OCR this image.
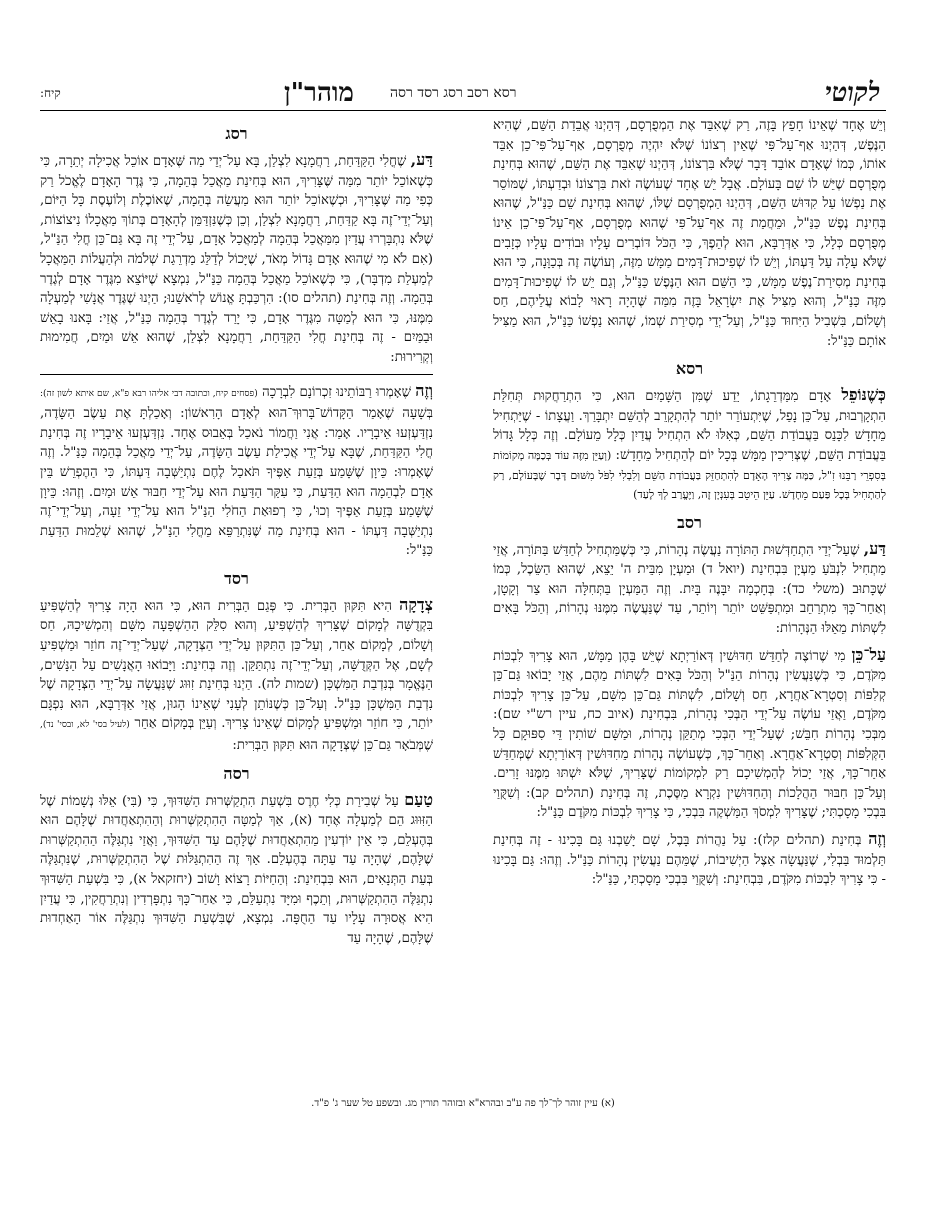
קיח:	לקוטי
רסא רסב רסג רסד רסה
מוהר"ן

וְיֵשׁ אֶחָד שֶׁאֵינוֹ חָפֵץ בָּזֶה, רַק שֶׁאִבֵּד אֶת הַמְפֻרְסָם, דְּהַיְנוּ אֲבֵדַת הַשֵּׁם, שֶׁהִיא הַנֶּפֶשׁ, דְּהַיְנוּ אַף־עַל־פִּי שֶׁאֵין רְצוֹנוֹ שֶׁלֹּא יִהְיֶה מְפֻרְסָם, אַף־עַל־פִּי־כֵן אִבֵּד אוֹתוֹ, כְּמוֹ שֶׁאָדָם אוֹבֵד דָּבָר שֶׁלֹּא בִּרְצוֹנוֹ, דְּהַיְנוּ שֶׁאִבֵּד אֶת הַשֵּׁם, שֶׁהוּא בְּחִינַת מְפֻרְסָם שֶׁיֵּשׁ לוֹ שֵׁם בָּעוֹלָם. אֲבָל יֵשׁ אֶחָד שֶׁעוֹשֶׂה זֹאת בִּרְצוֹנוֹ וּבְדַעְתּוֹ, שֶׁמּוֹסֵר אֶת נַפְשׁוֹ עַל קִדּוּשׁ הַשֵּׁם, דְּהַיְנוּ הַמְפֻרְסָם שֶׁלּוֹ, שֶׁהוּא בְּחִינַת שֵׁם כַּנַּ"ל, שֶׁהוּא בְּחִינַת נֶפֶשׁ כַּנַּ"ל, וּמֵחֲמַת זֶה אַף־עַל־פִּי שֶׁהוּא מְפֻרְסָם, אַף־עַל־פִּי־כֵן אֵינוֹ מְפֻרְסָם כְּלָל, כִּי אַדְּרַבָּא, הוּא לְהֵפֶךְ, כִּי הַכֹּל דּוֹבְרִים עָלָיו וּבוֹדִים עָלָיו כְּזָבִים שֶׁלֹּא עָלָה עַל דַּעְתּוֹ, וְיֵשׁ לוֹ שְׁפִיכוּת־דָּמִים מַמָּשׁ מִזֶּה, וְעוֹשֶׂה זֶה בְּכַוָּנָה, כִּי הוּא בְּחִינַת מְסִירַת־נֶפֶשׁ מַמָּשׁ, כִּי הַשֵּׁם הוּא הַנֶּפֶשׁ כַּנַּ"ל, וְגַם יֵשׁ לוֹ שְׁפִיכוּת־דָּמִים מִזֶּה כַּנַּ"ל, וְהוּא מַצִּיל אֶת יִשְׂרָאֵל בָּזֶה מִמַּה שֶּׁהָיָה רָאוּי לָבוֹא עֲלֵיהֶם, חַס וְשָׁלוֹם, בִּשְׁבִיל הַיִּחוּד כַּנַּ"ל, וְעַל־יְדֵי מְסִירַת שְׁמוֹ, שֶׁהוּא נַפְשׁוֹ כַּנַּ"ל, הוּא מַצִּיל אוֹתָם כַּנַּ"ל:

רסא

כְּשֶׁנּוֹפֵל אָדָם מִמַּדְרֵגָתוֹ, יֵדַע שֶׁמִּן הַשָּׁמַיִם הוּא, כִּי הִתְרַחֲקוּת תְּחִלַּת הִתְקָרְבוּת, עַל־כֵּן נָפַל, שֶׁיִּתְעוֹרֵר יוֹתֵר לְהִתְקָרֵב לְהַשֵּׁם יִתְבָּרַךְ. וַעֲצָתוֹ - שֶׁיַּתְחִיל מֵחָדָשׁ לִכָּנֵס בַּעֲבוֹדַת הַשֵּׁם, כְּאִלּוּ לֹא הִתְחִיל עֲדַיִן כְּלָל מֵעוֹלָם. וְזֶה כְּלָל גָּדוֹל בַּעֲבוֹדַת הַשֵּׁם, שֶׁצְּרִיכִין מַמָּשׁ בְּכָל יוֹם לְהַתְחִיל מֵחָדָשׁ: (וְעַיֵּן מִזֶּה עוֹד בְּכַמָּה מְקוֹמוֹת בְּסִפְרֵי רַבֵּנוּ זִ"ל, כַּמָּה צָרִיךְ הָאָדָם לְהִתְחַזֵּק בַּעֲבוֹדַת הַשֵּׁם וְלִבְלִי לִפֹּל מִשּׁוּם דָּבָר שֶׁבָּעוֹלָם, רַק לְהַתְחִיל בְּכָל פַּעַם מֵחָדָשׁ. עַיֵּן הֵיטֵב בְּעִנְיָן זֶה, וַיֶּעֱרַב לְךָ לָעַד)

רסב

דַּע, שֶׁעַל־יְדֵי הִתְחַדְּשׁוּת הַתּוֹרָה נַעֲשֶׂה נְהָרוֹת, כִּי כְּשֶׁמַּתְחִיל לְחַדֵּשׁ בַּתּוֹרָה, אֲזַי מַתְחִיל לִנְבֹּעַ מַעְיָן בִּבְחִינַת (יואל ד) וּמַעְיָן מִבֵּית ה' יֵצֵא, שֶׁהוּא הַשֵּׂכֶל, כְּמוֹ שֶׁכָּתוּב (משלי כד): בְּחָכְמָה יִבָּנֶה בָּיִת. וְזֶה הַמַּעְיָן בַּתְּחִלָּה הוּא צַר וְקָטָן, וְאַחַר־כָּךְ מִתְרַחֵב וּמִתְפַּשֵּׁט יוֹתֵר וְיוֹתֵר, עַד שֶׁנַּעֲשֶׂה מִמֶּנּוּ נְהָרוֹת, וְהַכֹּל בָּאִים לִשְׁתּוֹת מֵאֵלּוּ הַנְּהָרוֹת:

עַל־כֵּן מִי שֶׁרוֹצֶה לְחַדֵּשׁ חִדּוּשִׁין דְּאוֹרַיְתָא שֶׁיֵּשׁ בָּהֶן מַמָּשׁ, הוּא צָרִיךְ לִבְכּוֹת מִקֹּדֶם, כִּי כְּשֶׁנַּעֲשִׂין נְהָרוֹת הַנַּ"ל וְהַכֹּל בָּאִים לִשְׁתּוֹת מֵהֶם, אֲזַי יָבוֹאוּ גַּם־כֵּן קְלִפּוֹת וְסִטְרָא־אַחֲרָא, חַס וְשָׁלוֹם, לִשְׁתּוֹת גַּם־כֵּן מִשָּׁם, עַל־כֵּן צָרִיךְ לִבְכּוֹת מִקֹּדֶם, וַאֲזַי עוֹשֶׂה עַל־יְדֵי הַבְּכִי נְהָרוֹת, בִּבְחִינַת (איוב כח, עיין רש"י שם): מִבְּכִי נְהָרוֹת חִבֵּשׁ; שֶׁעַל־יְדֵי הַבְּכִי מְתַקֵּן נְהָרוֹת, וּמַשָּׁם שׁוֹתִין דֵּי סִפּוּקָם כָּל הַקְּלִפּוֹת וְסִטְרָא־אַחֲרָא. וְאַחַר־כָּךְ, כְּשֶׁעוֹשֶׂה נְהָרוֹת מֵחִדּוּשִׁין דְּאוֹרַיְתָא שֶׁמְּחַדֵּשׁ אַחַר־כָּךְ, אֲזַי יָכוֹל לְהַמְשִׁיכָם רַק לִמְקוֹמוֹת שֶׁצָּרִיךְ, שֶׁלֹּא יִשְׁתּוּ מִמֶּנּוּ זָרִים. וְעַל־כֵּן חִבּוּר הַהֲלָכוֹת וְהַחִדּוּשִׁין נִקְרָא מַסֶּכֶת, זֶה בְּחִינַת (תהלים קב): וְשִׁקֻּוַי בִּבְכִי מָסָכְתִּי; שֶׁצָּרִיךְ לִמְסֹךְ הַמַּשְׁקֶה בִּבְכִי, כִּי צָרִיךְ לִבְכּוֹת מִקֹּדֶם כַּנַּ"ל:

וְזֶה בְּחִינַת (תהלים קלז): עַל נַהֲרוֹת בָּבֶל, שָׁם יָשַׁבְנוּ גַּם בָּכִינוּ - זֶה בְּחִינַת תַּלְמוּד בַּבְלִי, שֶׁנַּעֲשָׂה אֵצֶל הַיְשִׁיבוֹת, שֶׁמֵּהֶם נַעֲשִׂין נְהָרוֹת כַּנַּ"ל. וְזֶהוּ: גַּם בָּכִינוּ - כִּי צָרִיךְ לִבְכּוֹת מִקֹּדֶם, בִּבְחִינַת: וְשִׁקֻּוַי בִּבְכִי מָסָכְתִּי, כַּנַּ"ל:

רסג

דַּע, שֶׁחֳלִי הַקַּדַּחַת, רַחֲמָנָא לִצְלַן, בָּא עַל־יְדֵי מַה שֶּׁאָדָם אוֹכֵל אֲכִילָה יְתֵרָה, כִּי כְּשֶׁאוֹכֵל יוֹתֵר מִמַּה שֶּׁצָּרִיךְ, הוּא בְּחִינַת מַאֲכַל בְּהֵמָה, כִּי גֶּדֶר הָאָדָם לֶאֱכֹל רַק כְּפִי מַה שֶּׁצָּרִיךְ, וּכְשֶׁאוֹכֵל יוֹתֵר הוּא מַעֲשֵׂה בְּהֵמָה, שֶׁאוֹכֶלֶת וְלוֹעֶסֶת כָּל הַיּוֹם, וְעַל־יְדֵי־זֶה בָּא קַדַּחַת, רַחֲמָנָא לִצְלַן, וְכֵן כְּשֶׁנִּזְדַּמֵּן לְהָאָדָם בְּתוֹךְ מַאֲכָלוֹ נִיצוֹצוֹת, שֶׁלֹּא נִתְבָּרְרוּ עֲדַיִן מִמַּאֲכַל בְּהֵמָה לְמַאֲכַל אָדָם, עַל־יְדֵי זֶה בָּא גַּם־כֵּן חֳלִי הַנַּ"ל, (אִם לֹא מִי שֶׁהוּא אָדָם גָּדוֹל מְאֹד, שֶׁיָּכוֹל לְדַלֵּג מַדְרֵגַת שְׁלֹמֹה וּלְהַעֲלוֹת הַמַּאֲכָל לְמַעְלַת מִדְבָּר), כִּי כְּשֶׁאוֹכֵל מַאֲכַל בְּהֵמָה כַּנַּ"ל, נִמְצָא שֶׁיּוֹצֵא מִגֶּדֶר אָדָם לְגֶדֶר בְּהֵמָה. וְזֶה בְּחִינַת (תהלים סו): הִרְכַּבְתָּ אֱנוֹשׁ לְרֹאשֵׁנוּ; הַיְנוּ שֶׁגֶּדֶר אֲנָשִׁי לְמַעְלָה מִמֶּנּוּ, כִּי הוּא לְמַטָּה מִגֶּדֶר אָדָם, כִּי יָרַד לְגֶדֶר בְּהֵמָה כַּנַּ"ל, אֲזַי: בָּאנוּ בָאֵשׁ וּבַמַּיִם - זֶה בְּחִינַת חֳלִי הַקַּדַּחַת, רַחֲמָנָא לִצְלַן, שֶׁהוּא אֵשׁ וּמַיִם, חֲמִימוּת וְקְרִירוּת:

וְזֶה שֶׁאָמְרוּ רַבּוֹתֵינוּ זִכְרוֹנָם לִבְרָכָה (פסחים קיח, וכתובה דבי אליהו רבא פ"א, שם איתא לשון זה): בְּשָׁעָה שֶׁאָמַר הַקָּדוֹשׁ־בָּרוּךְ־הוּא לְאָדָם הָרִאשׁוֹן: וְאָכַלְתָּ אֶת עֵשֶׂב הַשָּׂדֶה, נִזְדַּעְזְעוּ אֵיבָרָיו. אָמַר: אֲנִי וַחֲמוֹר נֹאכַל בְּאֵבוּס אֶחָד. נִזְדַּעְזְעוּ אֵיבָרָיו זֶה בְּחִינַת חֳלִי הַקַּדַּחַת, שֶׁבָּא עַל־יְדֵי אֲכִילַת עֵשֶׂב הַשָּׂדֶה, עַל־יְדֵי מַאֲכַל בְּהֵמָה כַּנַּ"ל. וְזֶה שֶׁאָמְרוּ: כֵּיוָן שֶׁשָּׁמַע בְּזֵעַת אַפֶּיךָ תֹּאכַל לֶחֶם נִתְיַשְּׁבָה דַּעְתּוֹ, כִּי הַהֶפְרֵשׁ בֵּין אָדָם לִבְהֵמָה הוּא הַדַּעַת, כִּי עִקַּר הַדַּעַת הוּא עַל־יְדֵי חִבּוּר אֵשׁ וּמַיִם. וְזֶהוּ: כֵּיוָן שֶׁשָּׁמַע בְּזֵעַת אַפֶּיךָ וְכוּ', כִּי רְפוּאַת הַחֹלִי הַנַּ"ל הוּא עַל־יְדֵי זֵעָה, וְעַל־יְדֵי־זֶה נִתְיַשְּׁבָה דַּעְתּוֹ - הוּא בְּחִינַת מַה שֶּׁנִּתְרַפֵּא מֵחֳלִי הַנַּ"ל, שֶׁהוּא שְׁלֵמוּת הַדַּעַת כַּנַּ"ל:

רסד

צְדָקָה הִיא תִּקּוּן הַבְּרִית. כִּי פְּגַם הַבְּרִית הוּא, כִּי הוּא הָיָה צָרִיךְ לְהַשְׁפִּיעַ בִּקְדֻשָּׁה לְמָקוֹם שֶׁצָּרִיךְ לְהַשְׁפִּיעַ, וְהוּא סִלֵּק הַהַשְׁפָּעָה מִשָּׁם וְהִמְשִׁיכָהּ, חַס וְשָׁלוֹם, לְמָקוֹם אַחֵר, וְעַל־כֵּן הַתִּקּוּן עַל־יְדֵי הַצְּדָקָה, שֶׁעַל־יְדֵי־זֶה חוֹזֵר וּמַשְׁפִּיעַ לְשָׁם, אֶל הַקְּדֻשָּׁה, וְעַל־יְדֵי־זֶה נִתְתַּקֵּן. וְזֶה בְּחִינַת: וַיָּבוֹאוּ הָאֲנָשִׁים עַל הַנָּשִׁים, הַנֶּאֱמָר בְּנִדְבַת הַמִּשְׁכָּן (שמות לה). הַיְנוּ בְּחִינַת זִוּוּג שֶׁנַּעֲשָׂה עַל־יְדֵי הַצְּדָקָה שֶׁל נִדְבַת הַמִּשְׁכָּן כַּנַּ"ל. וְעַל־כֵּן כְּשֶׁנּוֹתֵן לְעָנִי שֶׁאֵינוֹ הָגוּן, אֲזַי אַדְּרַבָּא, הוּא נִפְגָּם יוֹתֵר, כִּי חוֹזֵר וּמַשְׁפִּיעַ לְמָקוֹם שֶׁאֵינוֹ צָרִיךְ. וְעַיֵּן בְּמָקוֹם אַחֵר (לעיל בסי' לא, ובסי' נד), שֶׁמְּבֹאָר גַּם־כֵּן שֶׁצְּדָקָה הוּא תִּקּוּן הַבְּרִית:

רסה

טַעַם עַל שְׁבִירַת כְּלִי חֶרֶס בִּשְׁעַת הִתְקַשְּׁרוּת הַשִּׁדּוּךְ, כִּי (בִּי) אֵלּוּ נְשָׁמוֹת שֶׁל הַזִּוּוּג הֵם לְמַעְלָה אֶחָד (א), אַךְ לְמַטָּה הַהִתְקַשְּׁרוּת וְהַהִתְאַחֲדוּת שֶׁלָּהֶם הוּא בְּהֶעְלֵם, כִּי אֵין יוֹדְעִין מֵהִתְאַחֲדוּת שֶׁלָּהֶם עַד הַשִּׁדּוּךְ, וַאֲזַי נִתְגַּלֶּה הַהִתְקַשְּׁרוּת שֶׁלָּהֶם, שֶׁהָיָה עַד עַתָּה בְּהֶעְלֵם. אַךְ זֶה הַהִתְגַּלּוּת שֶׁל הַהִתְקַשְּׁרוּת, שֶׁנִּתְגַּלֶּה בְּעֵת הַתְּנָאִים, הוּא בִּבְחִינַת: וְהַחַיּוֹת רָצוֹא וָשׁוֹב (יחזקאל א), כִּי בִּשְׁעַת הַשִּׁדּוּךְ נִתְגַּלֶּה הַהִתְקַשְּׁרוּת, וְתֵכֶף וּמִיָּד נִתְעַלֵּם, כִּי אַחַר־כָּךְ נִתְפָּרְדִין וְנִתְרַחֲקִין, כִּי עֲדַיִן הִיא אֲסוּרָה עָלָיו עַד הַחֻפָּה. נִמְצָא, שֶׁבִּשְׁעַת הַשִּׁדּוּךְ נִתְגַּלֶּה אוֹר הָאַחְדוּת שֶׁלָּהֶם, שֶׁהָיָה עַד

(א) עיין זוהר לך־לך פה ע"ב ובהרא"א ובזוהר תורין מג. ובשפע טל שער ג' פ"ד.
